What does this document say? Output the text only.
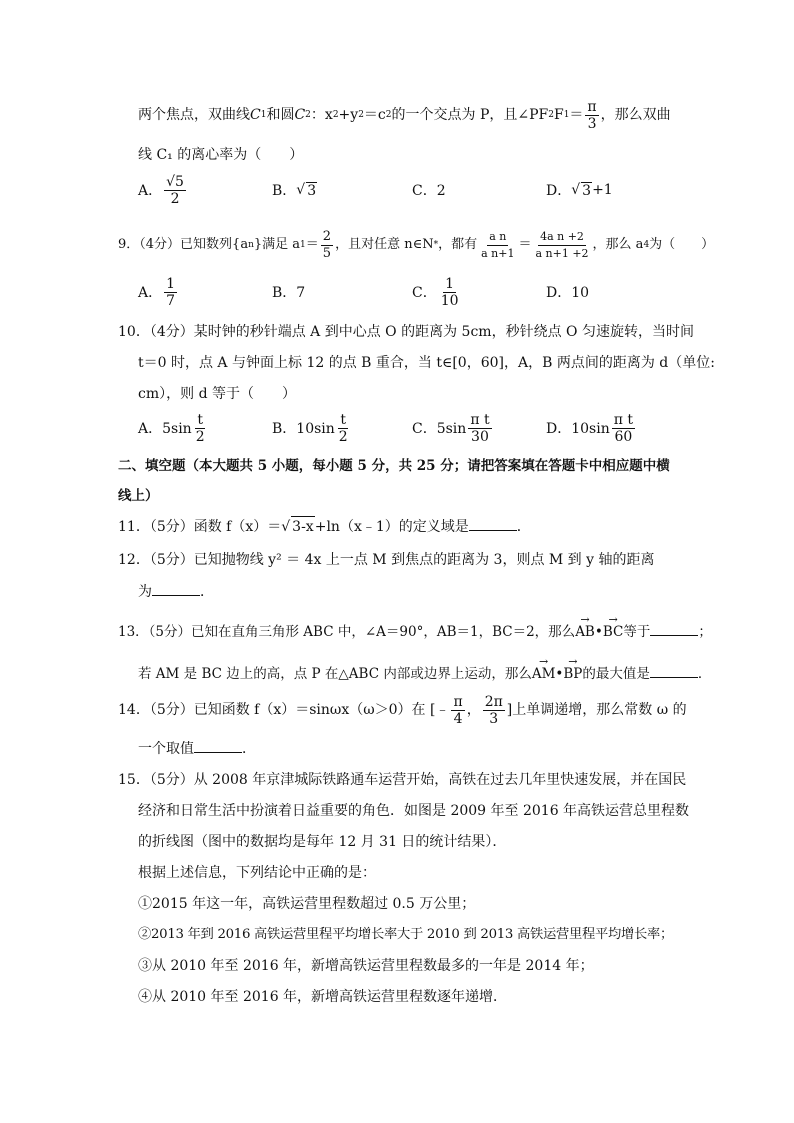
两个焦点，双曲线 C 1 和圆 C 2 ：x 2 +y 2 ＝c 2 的一个交点为 P，且∠PF 2 F $1 = \frac{\pi}{3}$ ，那么双曲
线 C₁ 的离心率为（　　）
A． $\frac{√5}{2}$	B． √ 3	C．2	D． √ 3 +1
9．（4分）已知数列{a n }满足 a $1 = \frac{2}{5}$ ，且对任意 n∈N * ，都有 $\frac{\text{a n}}{\text{a n+1}} = \frac{\text{4a n +2}}{\text{a n+1 +2}}$ ，那么 a 4 为（　　）
A． $\frac{1}{7}$	B．7	C． $\frac{1}{10}$	D．10
10．（4分）某时钟的秒针端点 A 到中心点 O 的距离为 5cm，秒针绕点 O 匀速旋转，当时间
t＝0 时，点 A 与钟面上标 12 的点 B 重合，当 t∈[0，60]，A，B 两点间的距离为 d（单位:
cm），则 d 等于（　　）
A．$5\sin \frac{t}{2}$	B．$10\sin \frac{t}{2}$	C．$5\sin \frac{\text{π t}}{30}$	D．$10\sin \frac{\text{π t}}{60}$
二、填空题（本大题共 5 小题，每小题 5 分，共 25 分；请把答案填在答题卡中相应题中横
线上）
11．（5分）函数 f（x）＝√ 3-x+ln（x﹣1）的定义域是	．
12．（5分）已知抛物线 y² ＝ 4x 上一点 M 到焦点的距离为 3，则点 M 到 y 轴的距离
为	．
13．（5分）已知在直角三角形 ABC 中，∠A＝90°，AB＝1，BC＝2，那么→ AB•→ BC等于	；
若 AM 是 BC 边上的高，点 P 在△ABC 内部或边界上运动，那么→ AM•→ BP的最大值是	．
14．（5分）已知函数 f（x）＝sinωx（ω＞0）在 [﹣ $\frac{\pi}{4}$ ， $\frac{2\pi}{3}$ ]上单调递增，那么常数 ω 的
一个取值	．
15．（5分）从 2008 年京津城际铁路通车运营开始，高铁在过去几年里快速发展，并在国民
经济和日常生活中扮演着日益重要的角色．如图是 2009 年至 2016 年高铁运营总里程数
的折线图（图中的数据均是每年 12 月 31 日的统计结果）．
根据上述信息，下列结论中正确的是：
①2015 年这一年，高铁运营里程数超过 0.5 万公里；
②2013 年到 2016 高铁运营里程平均增长率大于 2010 到 2013 高铁运营里程平均增长率；
③从 2010 年至 2016 年，新增高铁运营里程数最多的一年是 2014 年；
④从 2010 年至 2016 年，新增高铁运营里程数逐年递增．
